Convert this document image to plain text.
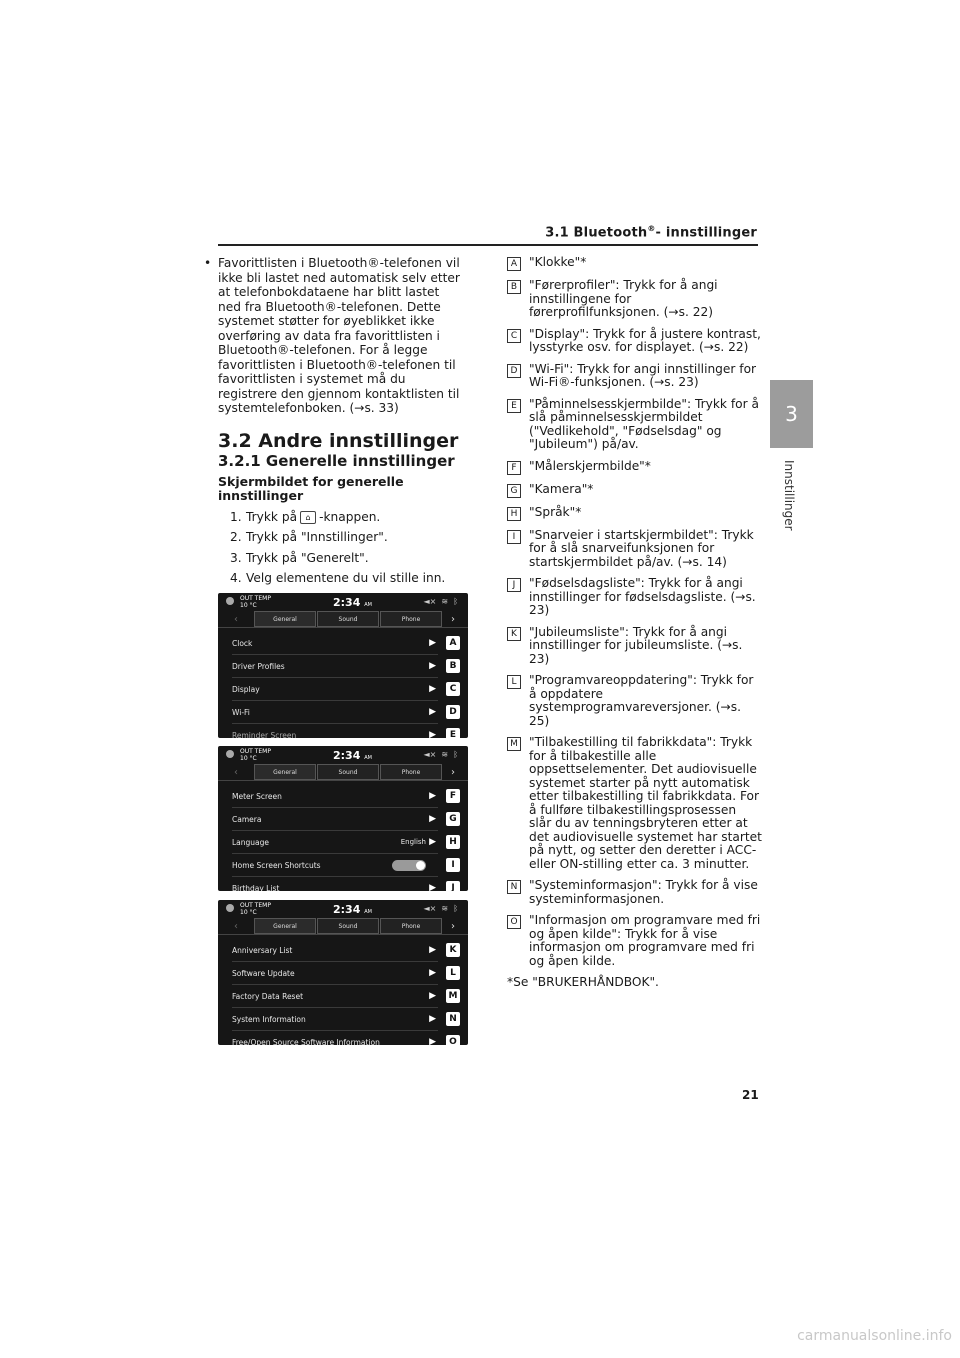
3.1 Bluetooth®- innstillinger
3
Innstillinger
• Favorittlisten i Bluetooth®-telefonen vil ikke bli lastet ned automatisk selv etter at telefonbokdataene har blitt lastet ned fra Bluetooth®-telefonen. Dette systemet støtter for øyeblikket ikke overføring av data fra favorittlisten i Bluetooth®-telefonen. For å legge favorittlisten i Bluetooth®-telefonen til favorittlisten i systemet må du registrere den gjennom kontaktlisten til systemtelefonboken. (→s. 33)
3.2 Andre innstillinger
3.2.1 Generelle innstillinger
Skjermbildet for generelle innstillinger
1. Trykk på ⌂ -knappen.
2. Trykk på "Innstillinger".
3. Trykk på "Generelt".
4. Velg elementene du vil stille inn.
OUT TEMP
10 °C	2:34 AM	◄× ≋ ᛒ
‹	General	Sound	Phone	›
Clock	▶	A
Driver Profiles	▶	B
Display	▶	C
Wi-Fi	▶	D
Reminder Screen	▶	E
OUT TEMP
10 °C	2:34 AM	◄× ≋ ᛒ
‹	General	Sound	Phone	›
Meter Screen	▶	F
Camera	▶	G
Language	English ▶	H
Home Screen Shortcuts	I
Birthday List	▶	J
OUT TEMP
10 °C	2:34 AM	◄× ≋ ᛒ
‹	General	Sound	Phone	›
Anniversary List	▶	K
Software Update	▶	L
Factory Data Reset	▶ M
System Information	▶	N
Free/Open Source Software Information	▶	O
A "Klokke"*
B "Førerprofiler": Trykk for å angi innstillingene for førerprofilfunksjonen. (→s. 22)
C "Display": Trykk for å justere kontrast, lysstyrke osv. for displayet. (→s. 22)
D "Wi-Fi": Trykk for angi innstillinger for Wi-Fi®-funksjonen. (→s. 23)
E "Påminnelsesskjermbilde": Trykk for å slå påminnelsesskjermbildet ("Vedlikehold", "Fødselsdag" og "Jubileum") på/av.
F	"Målerskjermbilde"*
G "Kamera"*
H "Språk"*
I	"Snarveier i startskjermbildet": Trykk for å slå snarveifunksjonen for startskjermbildet på/av. (→s. 14)
J	"Fødselsdagsliste": Trykk for å angi innstillinger for fødselsdagsliste. (→s. 23)
K "Jubileumsliste": Trykk for å angi innstillinger for jubileumsliste. (→s. 23)
L	"Programvareoppdatering": Trykk for å oppdatere systemprogramvareversjoner. (→s. 25)
M "Tilbakestilling til fabrikkdata": Trykk for å tilbakestille alle oppsettselementer. Det audiovisuelle systemet starter på nytt automatisk etter tilbakestilling til fabrikkdata. For å fullføre tilbakestillingsprosessen slår du av tenningsbryteren etter at det audiovisuelle systemet har startet på nytt, og setter den deretter i ACC-eller ON-stilling etter ca. 3 minutter.
N "Systeminformasjon": Trykk for å vise systeminformasjonen.
O "Informasjon om programvare med fri og åpen kilde": Trykk for å vise informasjon om programvare med fri og åpen kilde.
*Se "BRUKERHÅNDBOK".
21
carmanualsonline.info
